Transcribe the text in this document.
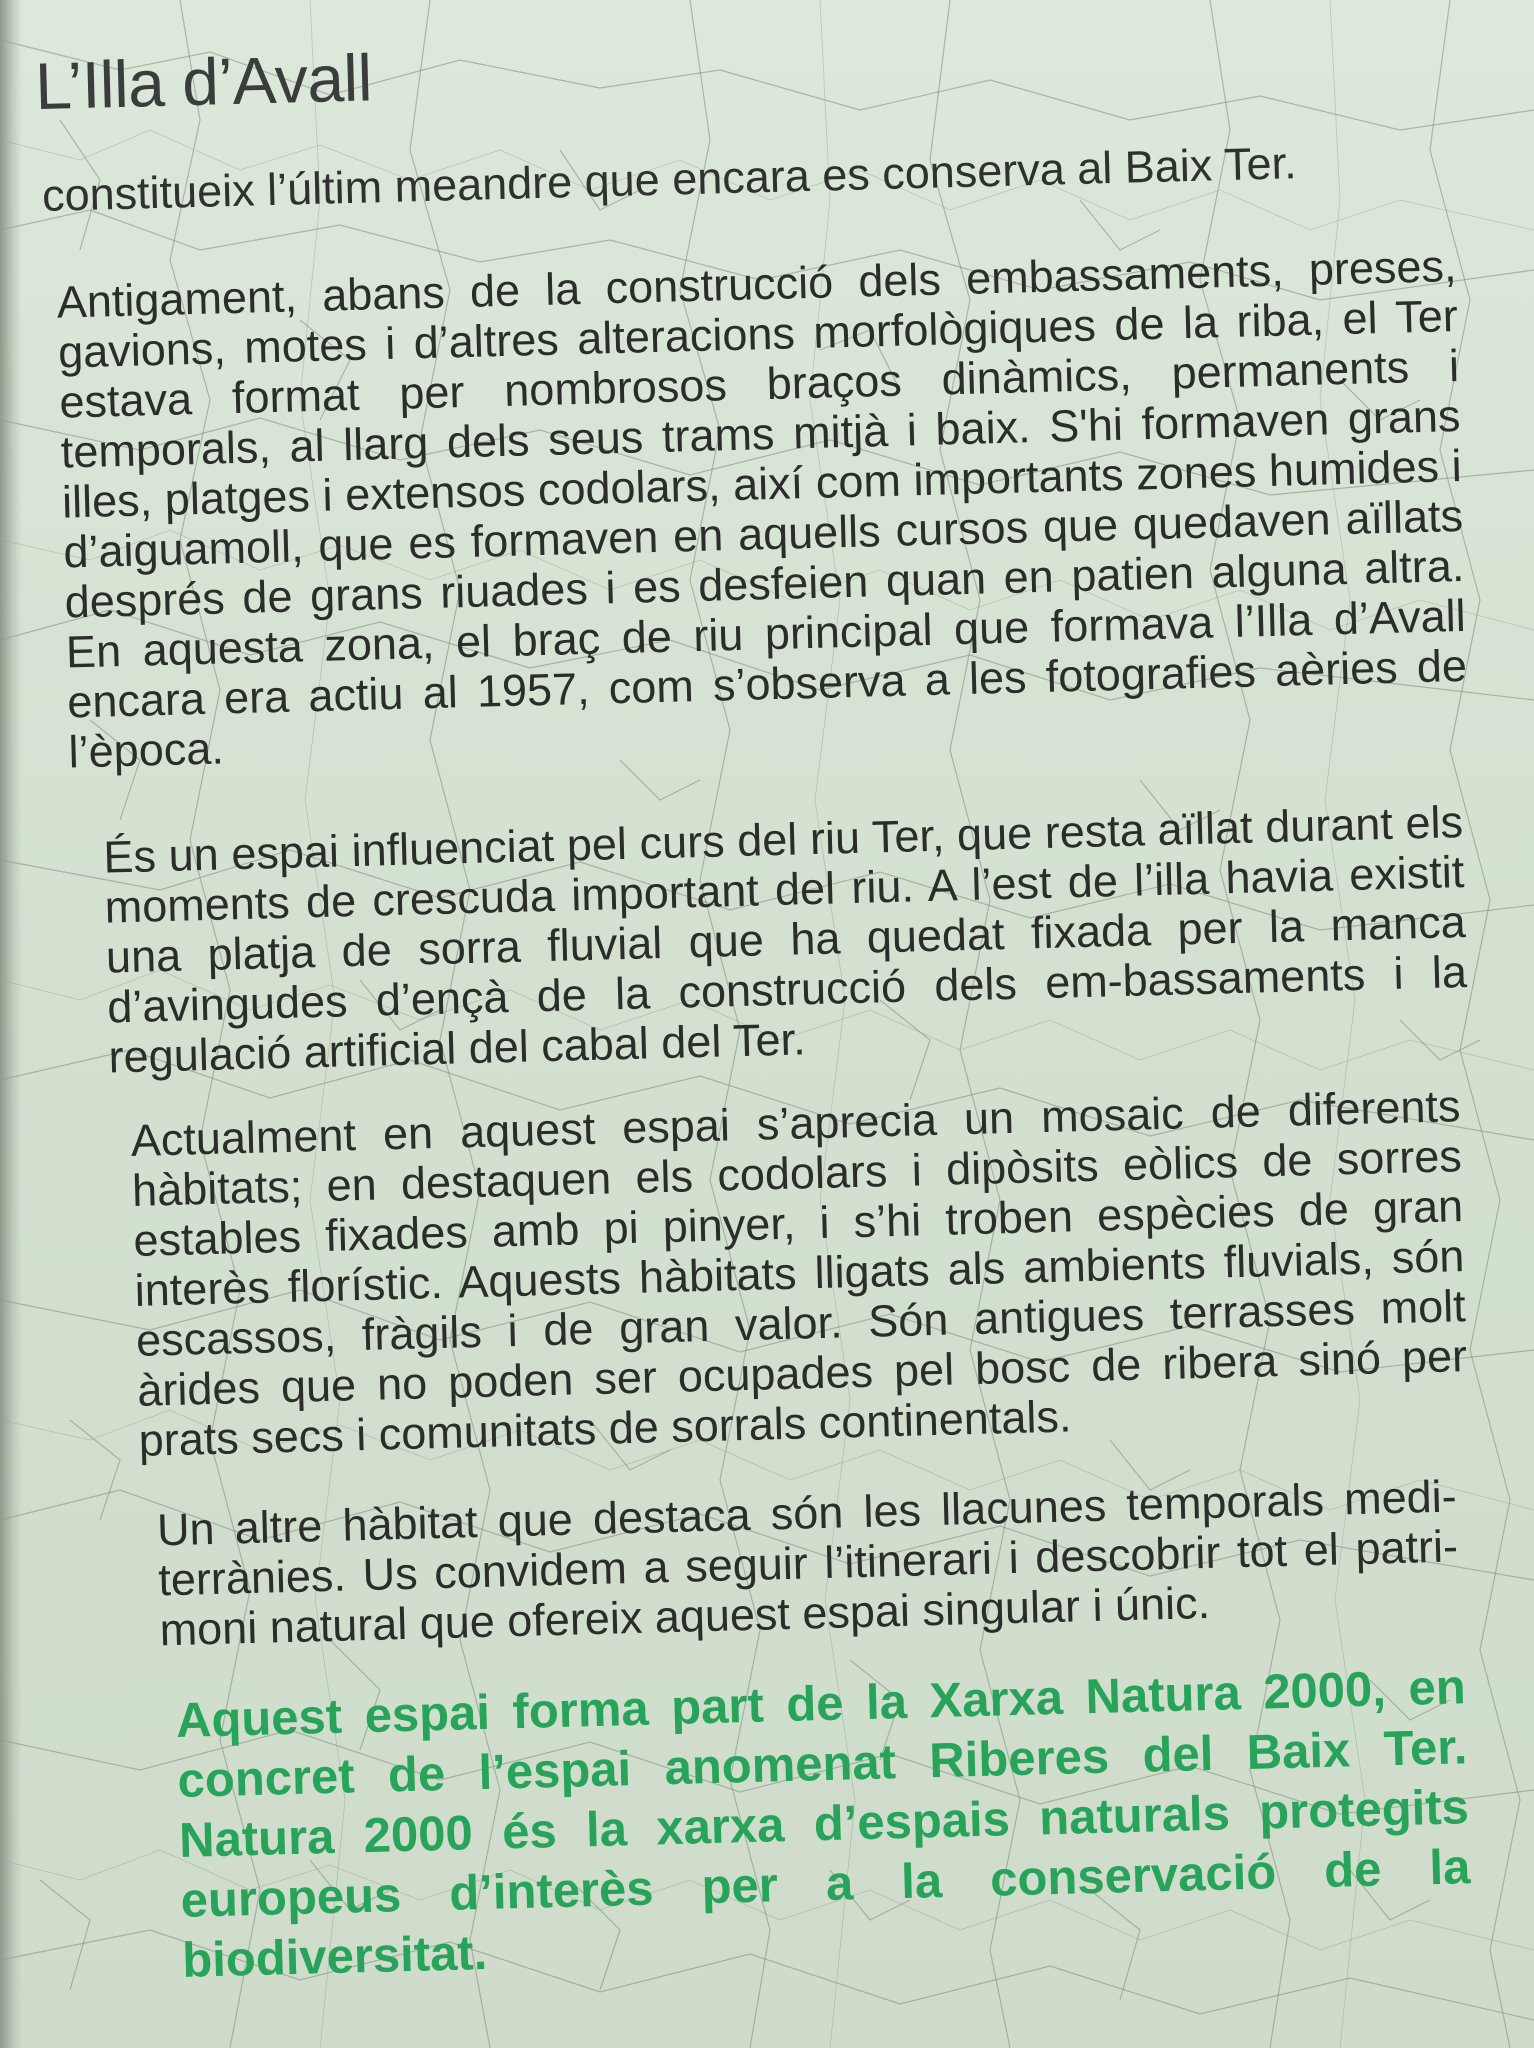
L’Illa d’Avall

constitueix l’últim meandre que encara es conserva al Baix Ter.

Antigament, abans de la construcció dels embassaments, preses, gavions, motes i d’altres alteracions morfològiques de la riba, el Ter estava format per nombrosos braços dinàmics, permanents i temporals, al llarg dels seus trams mitjà i baix. S'hi formaven grans illes, platges i extensos codolars, així com importants zones humides i d’aiguamoll, que es formaven en aquells cursos que quedaven aïllats després de grans riuades i es desfeien quan en patien alguna altra. En aquesta zona, el braç de riu principal que formava l’Illa d’Avall encara era actiu al 1957, com s’observa a les fotografies aèries de l’època.

És un espai influenciat pel curs del riu Ter, que resta aïllat durant els moments de crescuda important del riu. A l’est de l’illa havia existit una platja de sorra fluvial que ha quedat fixada per la manca d’avingudes d’ençà de la construcció dels em-bassaments i la regulació artificial del cabal del Ter.

Actualment en aquest espai s’aprecia un mosaic de diferents hàbitats; en destaquen els codolars i dipòsits eòlics de sorres estables fixades amb pi pinyer, i s’hi troben espècies de gran interès florístic. Aquests hàbitats lligats als ambients fluvials, són escassos, fràgils i de gran valor. Són antigues terrasses molt àrides que no poden ser ocupades pel bosc de ribera sinó per prats secs i comunitats de sorrals continentals.

Un altre hàbitat que destaca són les llacunes temporals medi-terrànies. Us convidem a seguir l’itinerari i descobrir tot el patri-moni natural que ofereix aquest espai singular i únic.

Aquest espai forma part de la Xarxa Natura 2000, en concret de l’espai anomenat Riberes del Baix Ter. Natura 2000 és la xarxa d’espais naturals protegits europeus d’interès per a la conservació de la biodiversitat.
